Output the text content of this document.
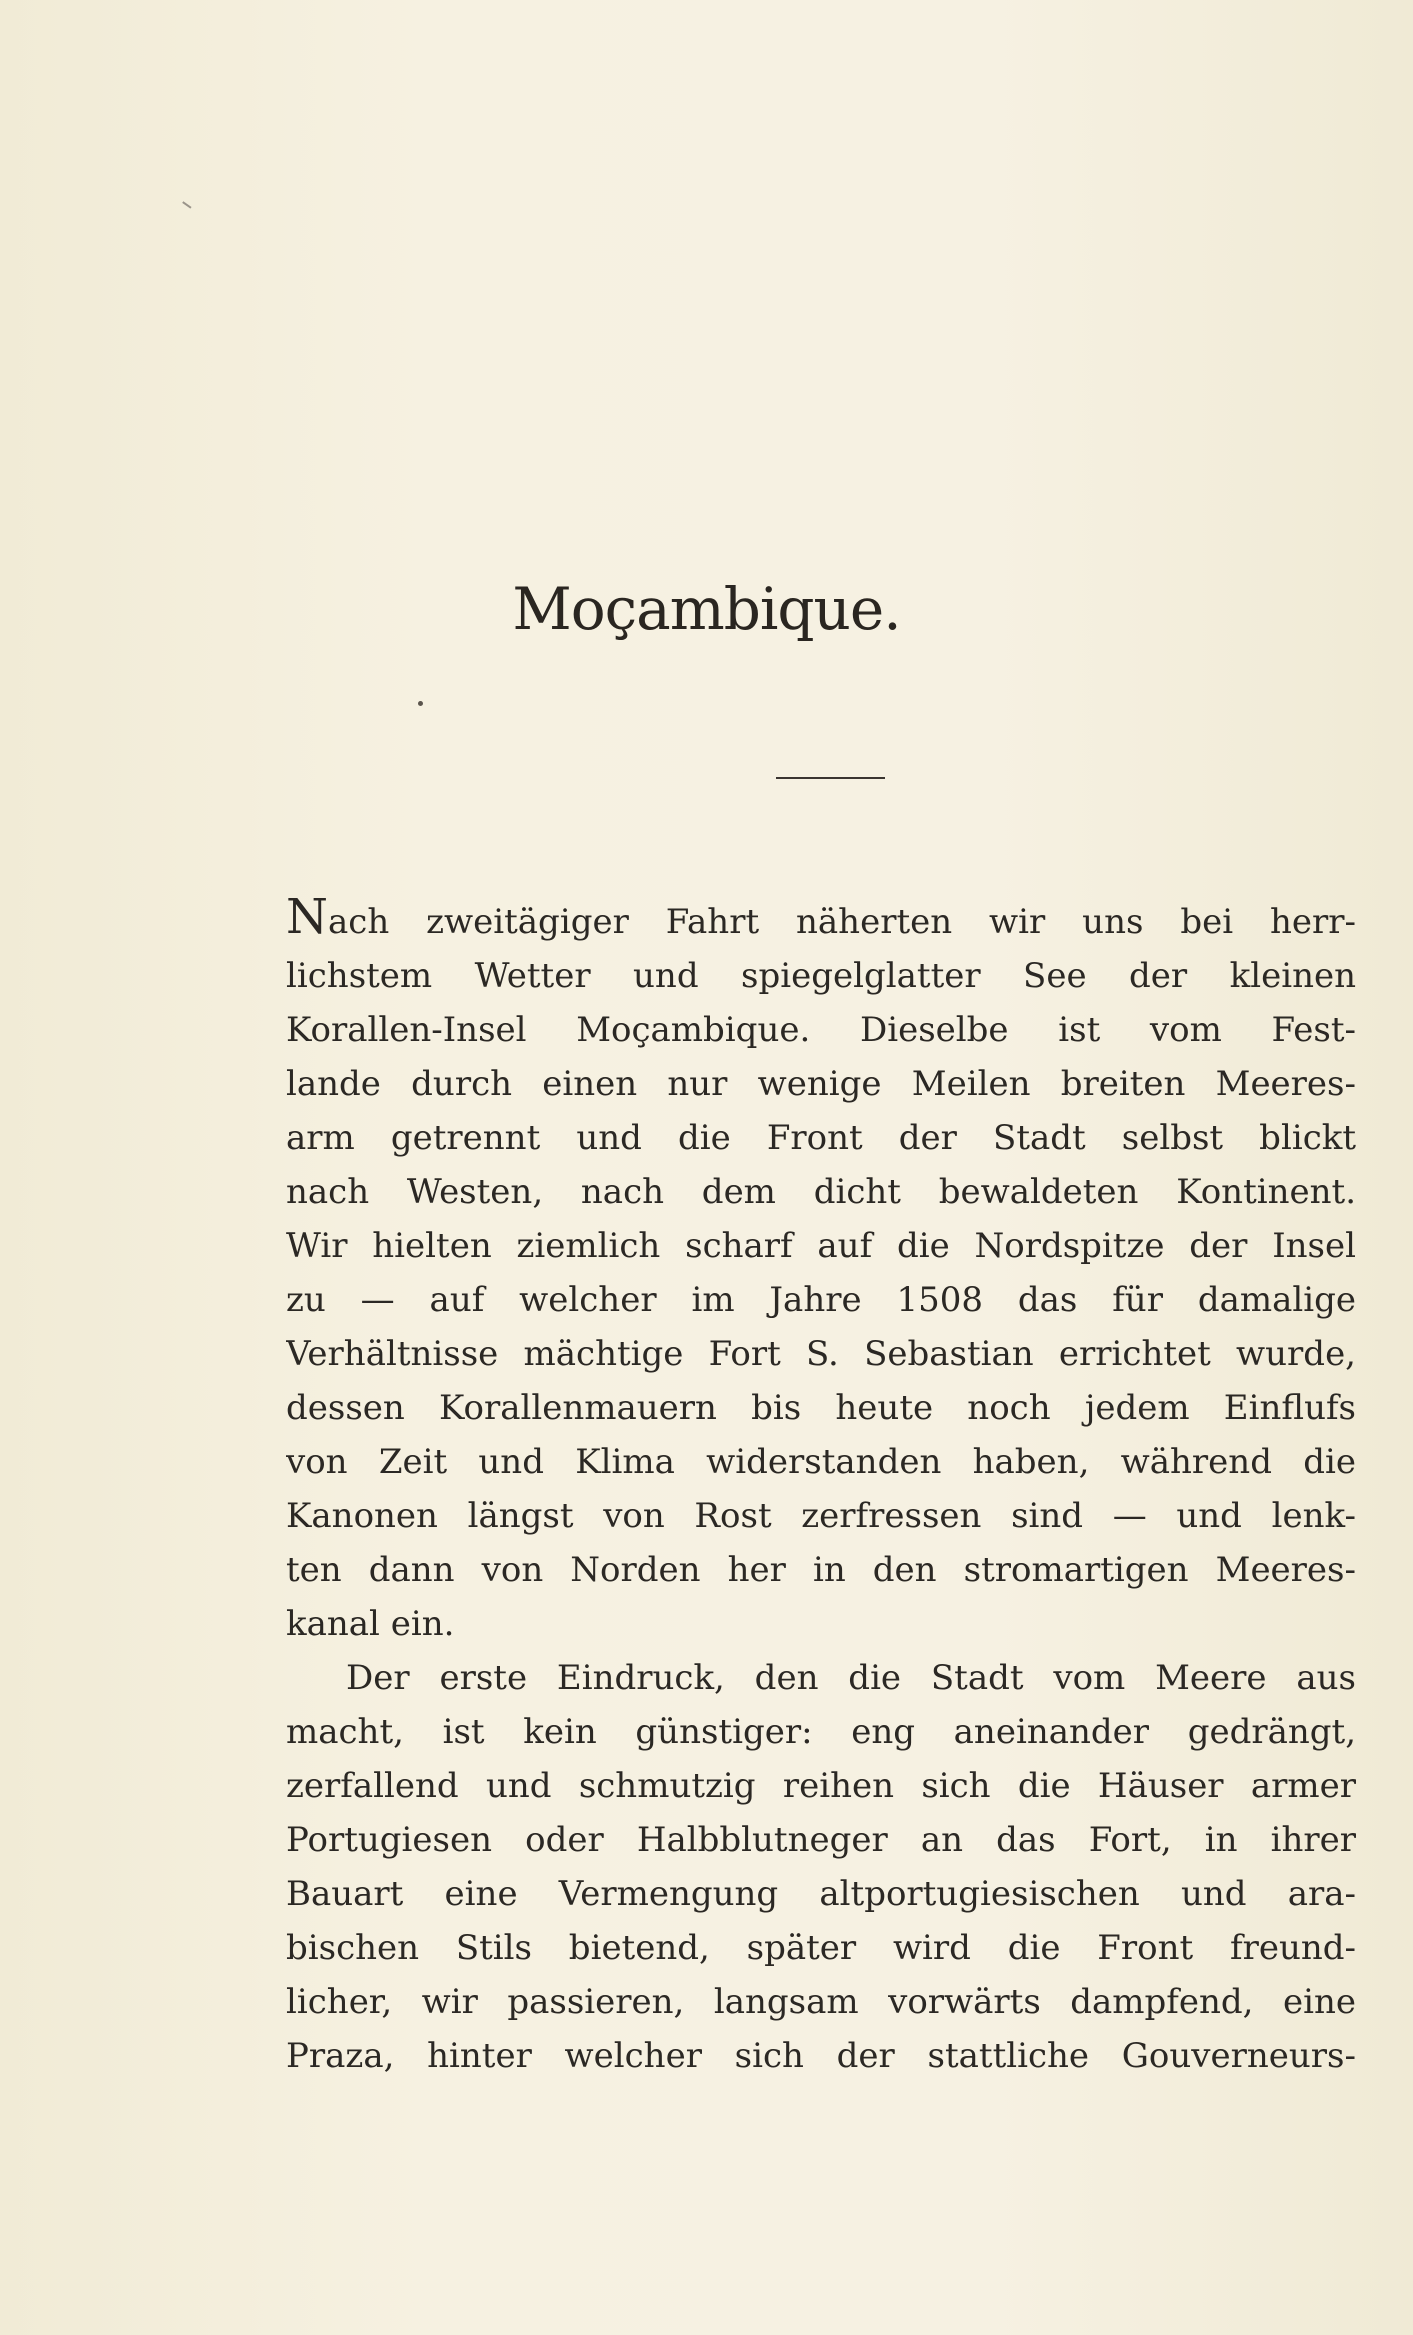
Moçambique.
Nach zweitägiger Fahrt näherten wir uns bei herr-
lichstem Wetter und spiegelglatter See der kleinen
Korallen-Insel Moçambique. Dieselbe ist vom Fest-
lande durch einen nur wenige Meilen breiten Meeres-
arm getrennt und die Front der Stadt selbst blickt
nach Westen, nach dem dicht bewaldeten Kontinent.
Wir hielten ziemlich scharf auf die Nordspitze der Insel
zu — auf welcher im Jahre 1508 das für damalige
Verhältnisse mächtige Fort S. Sebastian errichtet wurde,
dessen Korallenmauern bis heute noch jedem Einflufs
von Zeit und Klima widerstanden haben, während die
Kanonen längst von Rost zerfressen sind — und lenk-
ten dann von Norden her in den stromartigen Meeres-
kanal ein.
Der erste Eindruck, den die Stadt vom Meere aus
macht, ist kein günstiger: eng aneinander gedrängt,
zerfallend und schmutzig reihen sich die Häuser armer
Portugiesen oder Halbblutneger an das Fort, in ihrer
Bauart eine Vermengung altportugiesischen und ara-
bischen Stils bietend, später wird die Front freund-
licher, wir passieren, langsam vorwärts dampfend, eine
Praza, hinter welcher sich der stattliche Gouverneurs-
